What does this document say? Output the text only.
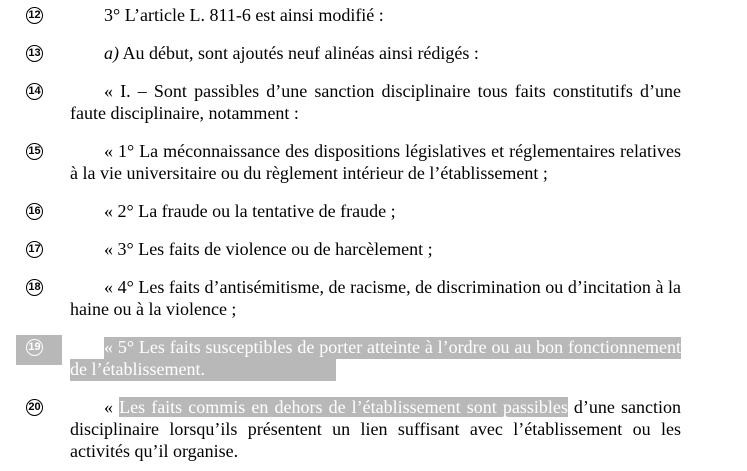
12	3° L’article L. 811-6 est ainsi modifié :
13	a) Au début, sont ajoutés neuf alinéas ainsi rédigés :
14	« I. – Sont passibles d’une sanction disciplinaire tous faits constitutifs d’une faute disciplinaire, notamment :
15	« 1° La méconnaissance des dispositions législatives et réglementaires relatives à la vie universitaire ou du règlement intérieur de l’établissement ;
16	« 2° La fraude ou la tentative de fraude ;
17	« 3° Les faits de violence ou de harcèlement ;
18	« 4° Les faits d’antisémitisme, de racisme, de discrimination ou d’incitation à la haine ou à la violence ;
19	« 5° Les faits susceptibles de porter atteinte à l’ordre ou au bon fonctionnement de l’établissement.
20	« Les faits commis en dehors de l’établissement sont passibles d’une sanction disciplinaire lorsqu’ils présentent un lien suffisant avec l’établissement ou les activités qu’il organise.
